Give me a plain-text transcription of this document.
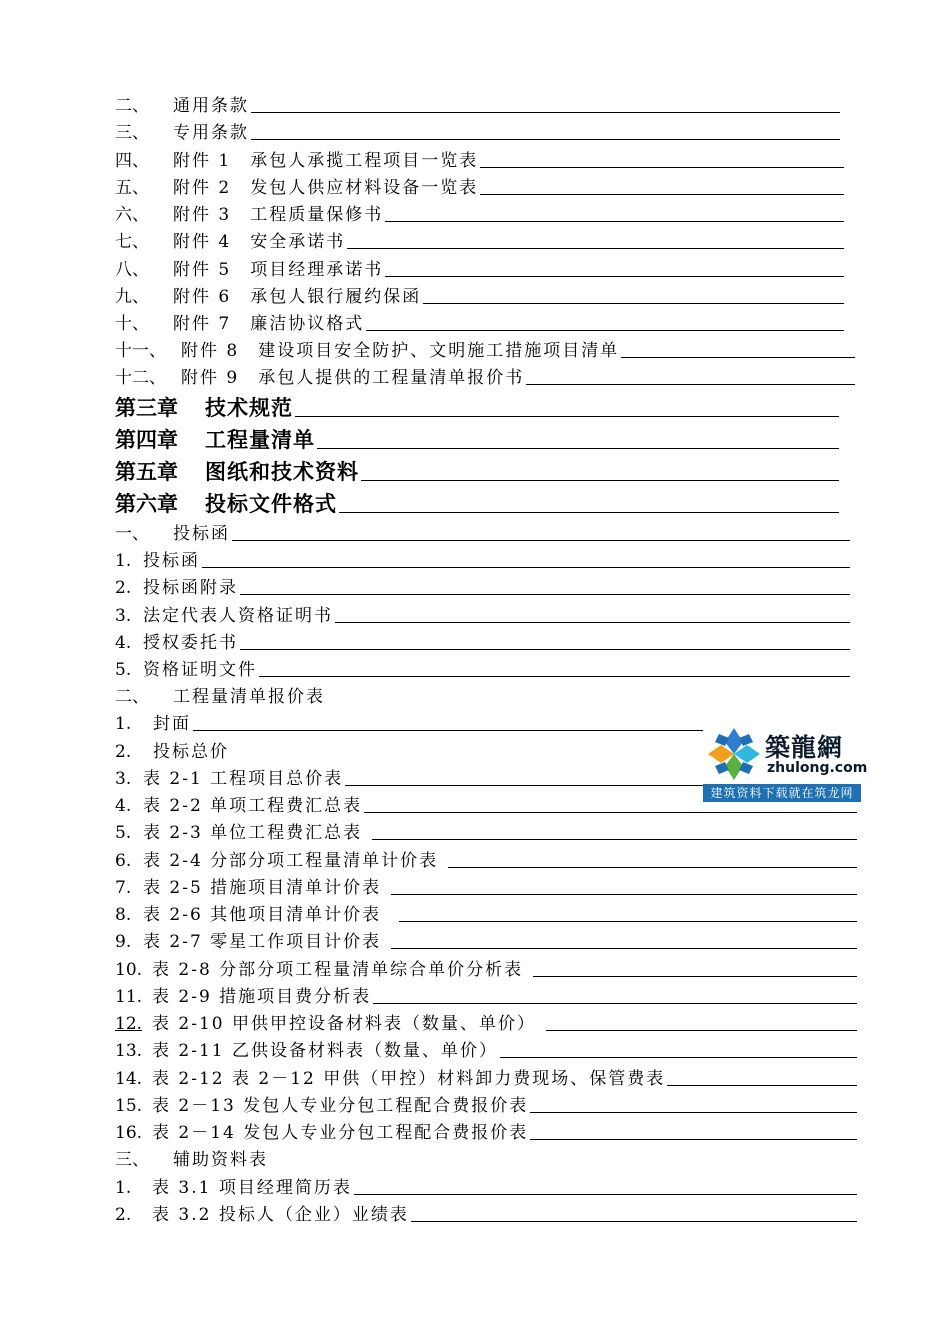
二、	通用条款
三、	专用条款
四、	附件 1　承包人承揽工程项目一览表
五、	附件 2　发包人供应材料设备一览表
六、	附件 3　工程质量保修书
七、	附件 4　安全承诺书
八、	附件 5　项目经理承诺书
九、	附件 6　承包人银行履约保函
十、	附件 7　廉洁协议格式
十一、 附件 8　建设项目安全防护、文明施工措施项目清单
十二、 附件 9　承包人提供的工程量清单报价书
第三章	技术规范
第四章	工程量清单
第五章	图纸和技术资料
第六章	投标文件格式
一、	投标函
1. 投标函
2. 投标函附录
3. 法定代表人资格证明书
4. 授权委托书
5. 资格证明文件
二、	工程量清单报价表
1.	封面
2.	投标总价
3. 表 2-1 工程项目总价表
4. 表 2-2 单项工程费汇总表
5. 表 2-3 单位工程费汇总表
6. 表 2-4 分部分项工程量清单计价表
7. 表 2-5 措施项目清单计价表
8. 表 2-6 其他项目清单计价表
9. 表 2-7 零星工作项目计价表
10. 表 2-8 分部分项工程量清单综合单价分析表
11. 表 2-9 措施项目费分析表
12. 表 2-10 甲供甲控设备材料表（数量、单价）
13. 表 2-11 乙供设备材料表（数量、单价）
14. 表 2-12 表 2－12 甲供（甲控）材料卸力费现场、保管费表
15. 表 2－13 发包人专业分包工程配合费报价表
16. 表 2－14 发包人专业分包工程配合费报价表
三、	辅助资料表
1.	表 3.1 项目经理简历表
2.	表 3.2 投标人（企业）业绩表
築龍網
zhulong.com
建筑资料下载就在筑龙网
